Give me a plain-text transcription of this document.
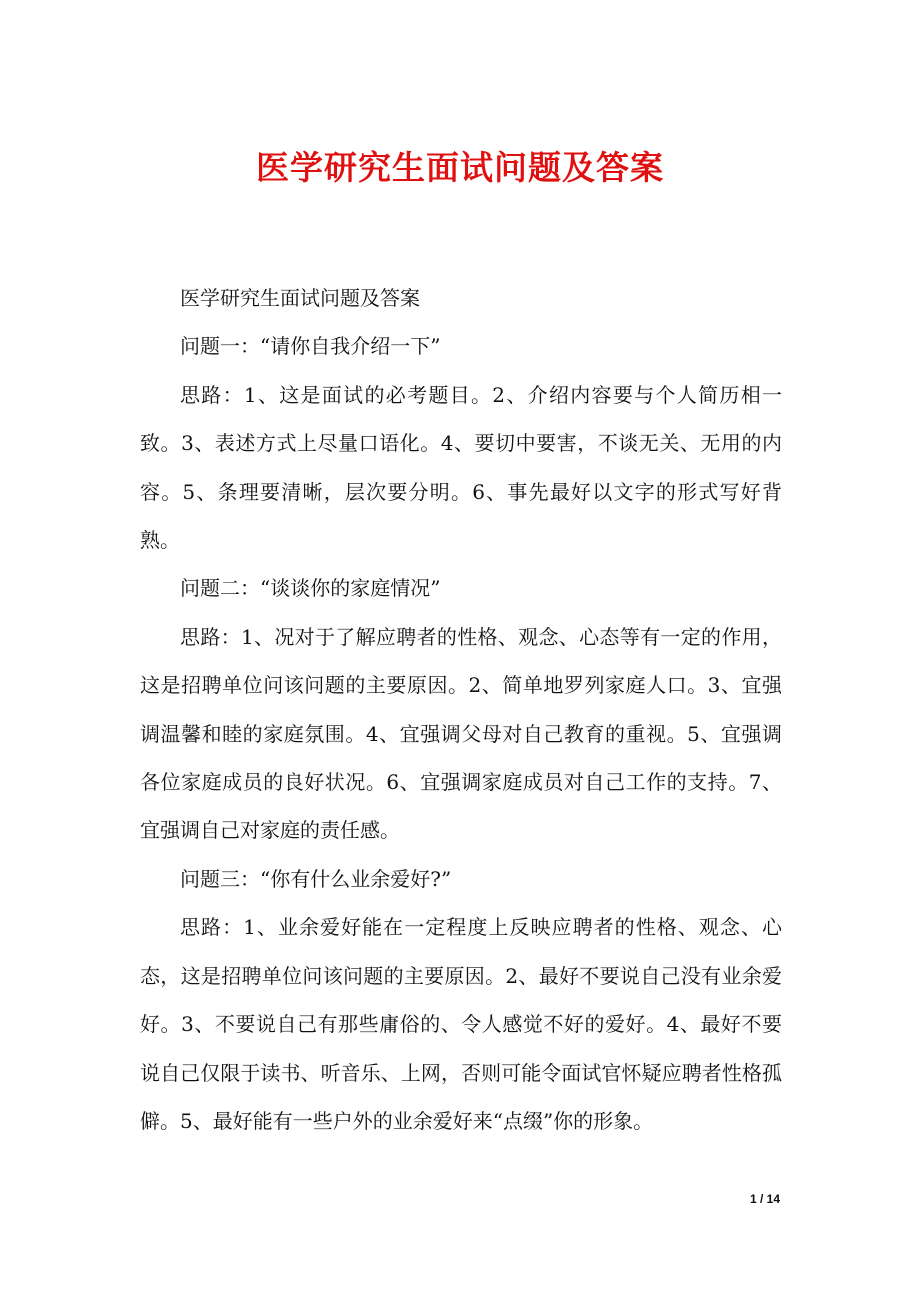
医学研究生面试问题及答案

医学研究生面试问题及答案

问题一：“请你自我介绍一下”

思路：1、这是面试的必考题目。2、介绍内容要与个人简历相一致。3、表述方式上尽量口语化。4、要切中要害，不谈无关、无用的内容。5、条理要清晰，层次要分明。6、事先最好以文字的形式写好背熟。

问题二：“谈谈你的家庭情况”

思路：1、况对于了解应聘者的性格、观念、心态等有一定的作用，这是招聘单位问该问题的主要原因。2、简单地罗列家庭人口。3、宜强调温馨和睦的家庭氛围。4、宜强调父母对自己教育的重视。5、宜强调各位家庭成员的良好状况。6、宜强调家庭成员对自己工作的支持。7、宜强调自己对家庭的责任感。

问题三：“你有什么业余爱好?”

思路：1、业余爱好能在一定程度上反映应聘者的性格、观念、心态，这是招聘单位问该问题的主要原因。2、最好不要说自己没有业余爱好。3、不要说自己有那些庸俗的、令人感觉不好的爱好。4、最好不要说自己仅限于读书、听音乐、上网，否则可能令面试官怀疑应聘者性格孤僻。5、最好能有一些户外的业余爱好来“点缀”你的形象。

1 / 14
